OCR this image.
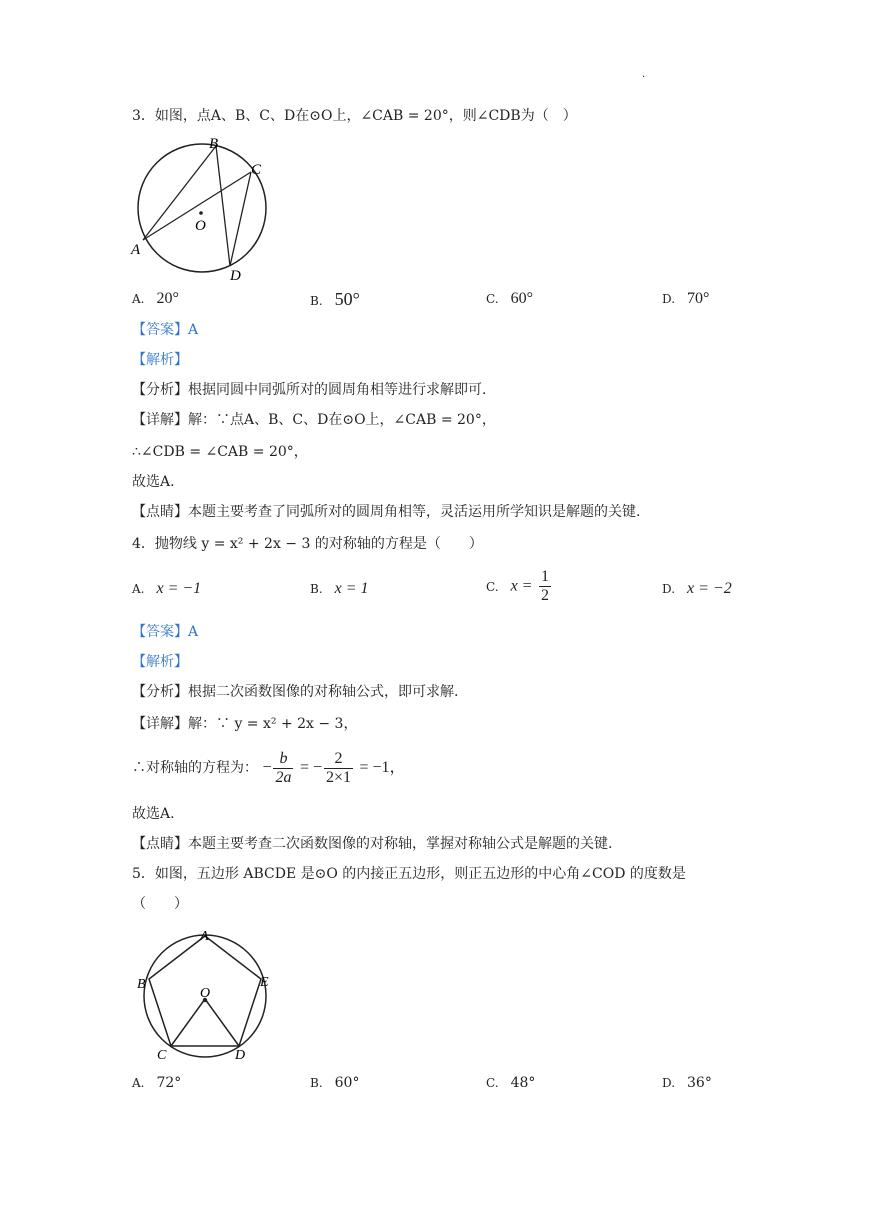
·
3．如图，点A、B、C、D在⊙O上，∠CAB = 20°，则∠CDB为（　）
B
C
O
A
D
A. 20°	B. 50°	C. 60°	D. 70°
【答案】A
【解析】
【分析】根据同圆中同弧所对的圆周角相等进行求解即可.
【详解】解：∵点A、B、C、D在⊙O上，∠CAB = 20°，
∴∠CDB = ∠CAB = 20°，
故选A.
【点睛】本题主要考查了同弧所对的圆周角相等，灵活运用所学知识是解题的关键.
4．抛物线 y = x² + 2x − 3 的对称轴的方程是（　　）
A. x = −1	B. x = 1	C. $x = \frac{1}{2}$	D. x = −2
【答案】A
【解析】
【分析】根据二次函数图像的对称轴公式，即可求解.
【详解】解：∵ y = x² + 2x − 3，
∴对称轴的方程为： − $\frac{b}{2a}$ = − $\frac{2}{2\times 1} = -1$，
故选A.
【点睛】本题主要考查二次函数图像的对称轴，掌握对称轴公式是解题的关键.
5．如图，五边形 ABCDE 是⊙O 的内接正五边形，则正五边形的中心角∠COD 的度数是
（　　）
A
B	E
O
C	D
A. 72°	B. 60°	C. 48°	D. 36°
